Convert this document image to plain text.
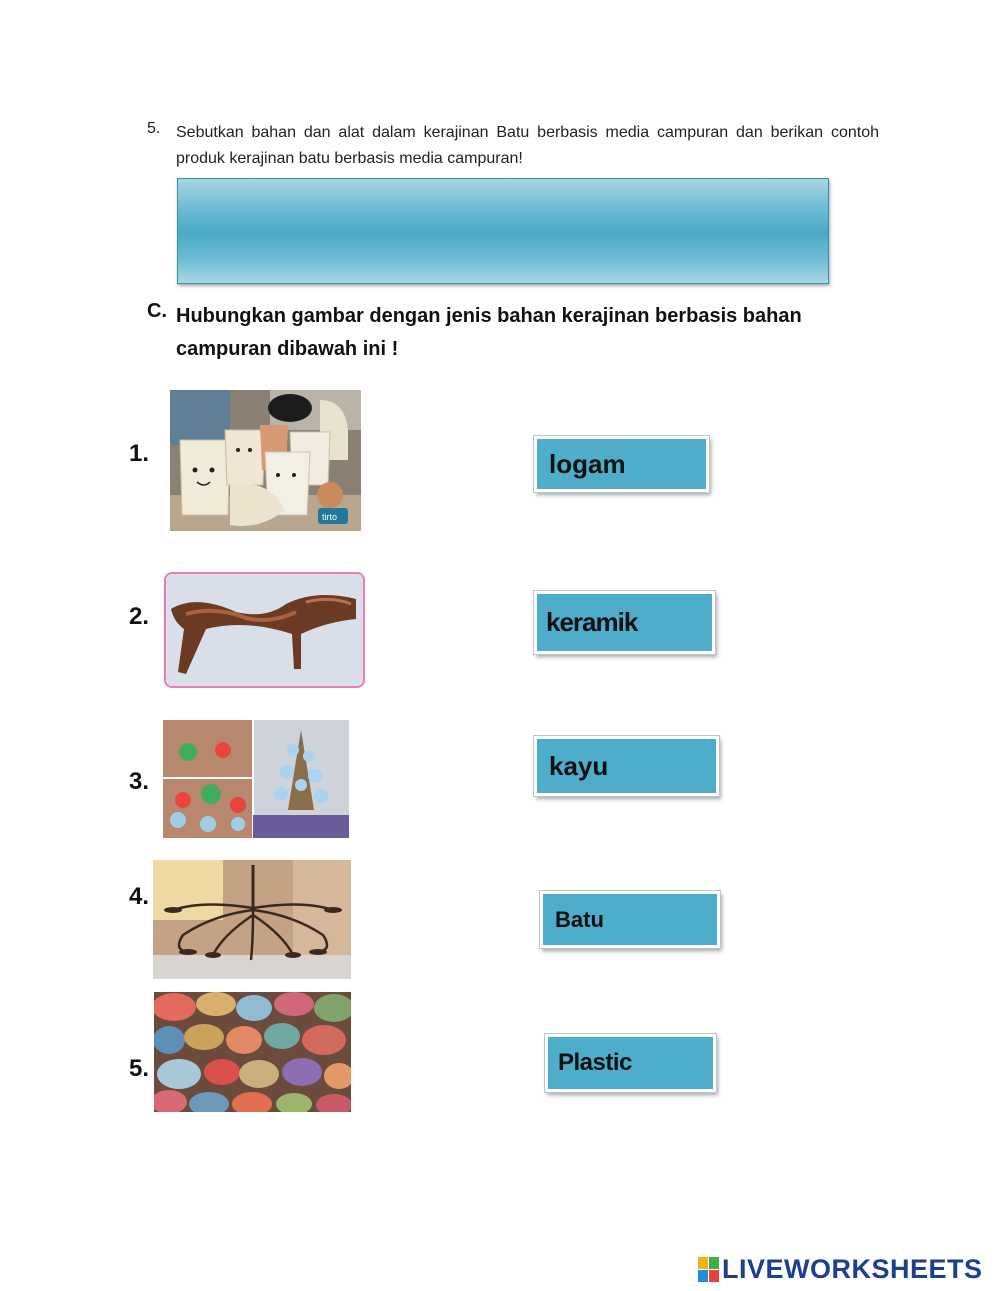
5. Sebutkan bahan dan alat dalam kerajinan Batu berbasis media campuran dan berikan contoh produk kerajinan batu berbasis media campuran!
C. Hubungkan gambar dengan jenis bahan kerajinan berbasis bahan campuran dibawah ini !
1.
2.
3.
4.
5.
tirto
logam
keramik
kayu
Batu
Plastic
LIVEWORKSHEETS
